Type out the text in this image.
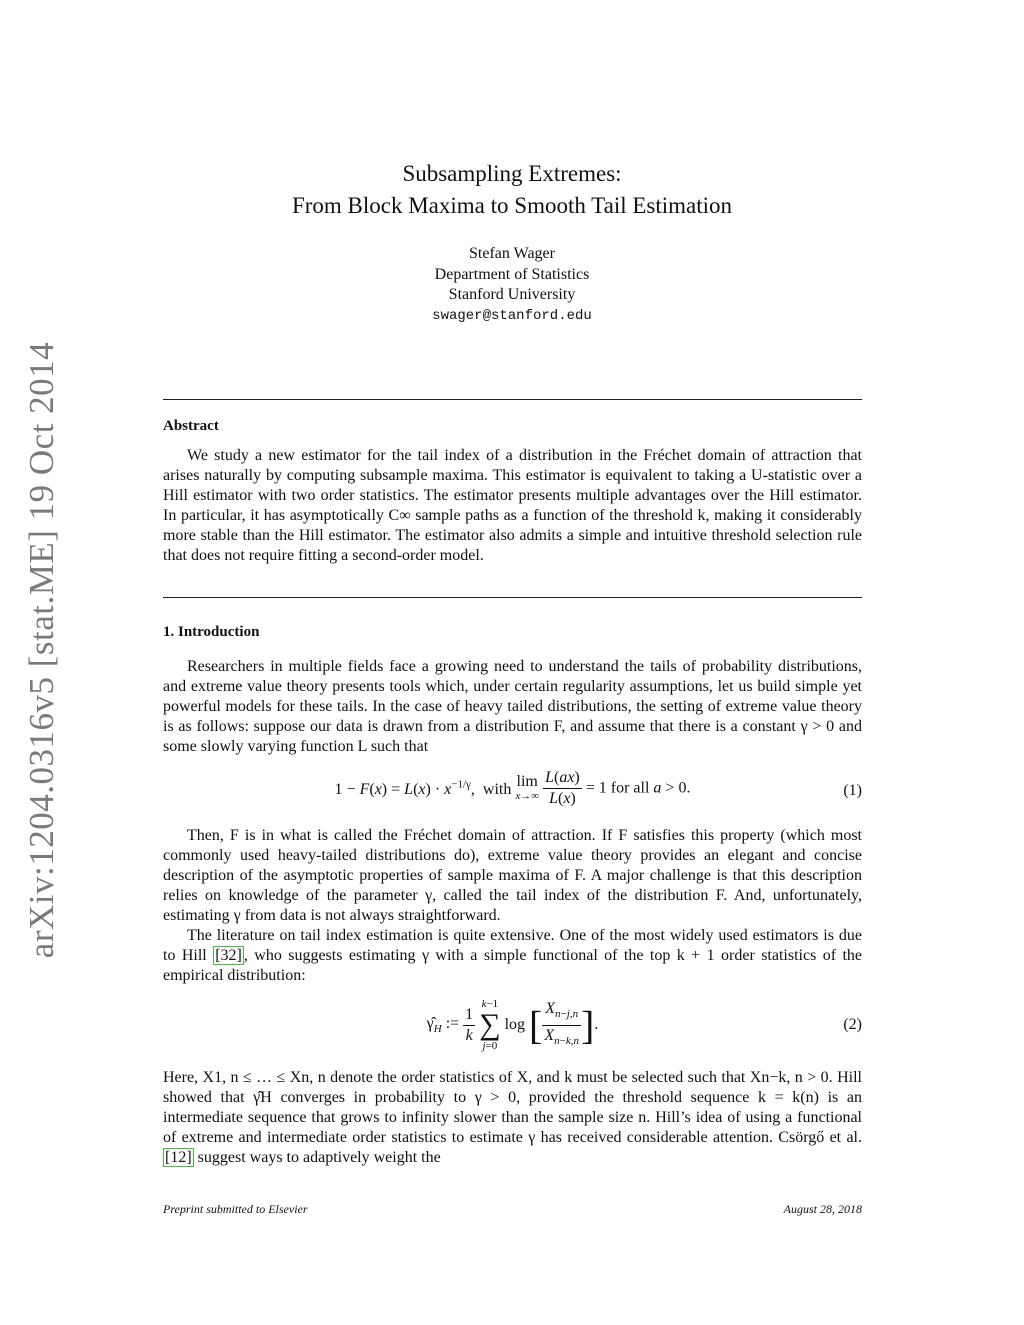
arXiv:1204.0316v5 [stat.ME] 19 Oct 2014
Subsampling Extremes:
From Block Maxima to Smooth Tail Estimation
Stefan Wager
Department of Statistics
Stanford University
swager@stanford.edu
Abstract

We study a new estimator for the tail index of a distribution in the Fréchet domain of attraction that arises naturally by computing subsample maxima. This estimator is equivalent to taking a U-statistic over a Hill estimator with two order statistics. The estimator presents multiple advantages over the Hill estimator. In particular, it has asymptotically C∞ sample paths as a function of the threshold k, making it considerably more stable than the Hill estimator. The estimator also admits a simple and intuitive threshold selection rule that does not require fitting a second-order model.

1. Introduction

Researchers in multiple fields face a growing need to understand the tails of probability distributions, and extreme value theory presents tools which, under certain regularity assumptions, let us build simple yet powerful models for these tails. In the case of heavy tailed distributions, the setting of extreme value theory is as follows: suppose our data is drawn from a distribution F, and assume that there is a constant γ > 0 and some slowly varying function L such that

$1 - F(x) = L(x) \cdot x^{-1/\gamma}$,  with lim
x→∞
$\frac{L(ax)}{L(x)} = 1$ for all a > 0.	(1)

Then, F is in what is called the Fréchet domain of attraction. If F satisfies this property (which most commonly used heavy-tailed distributions do), extreme value theory provides an elegant and concise description of the asymptotic properties of sample maxima of F. A major challenge is that this description relies on knowledge of the parameter γ, called the tail index of the distribution F. And, unfortunately, estimating γ from data is not always straightforward.

The literature on tail index estimation is quite extensive. One of the most widely used estimators is due to Hill [32] , who suggests estimating γ with a simple functional of the top k + 1 order statistics of the empirical distribution:

$\gammâ_H$ := $\frac{1}{k}$

k−1
∑
j=0
log [ $\frac{X_{n-j,n}}{X_{n-k,n}}$ ].	(2)

Here, X1, n ≤ … ≤ Xn, n denote the order statistics of X, and k must be selected such that Xn−k, n > 0. Hill showed that γ̂H converges in probability to γ > 0, provided the threshold sequence k = k(n) is an intermediate sequence that grows to infinity slower than the sample size n. Hill’s idea of using a functional of extreme and intermediate order statistics to estimate γ has received considerable attention. Csörgő et al. [12] suggest ways to adaptively weight the

Preprint submitted to Elsevier	August 28, 2018
